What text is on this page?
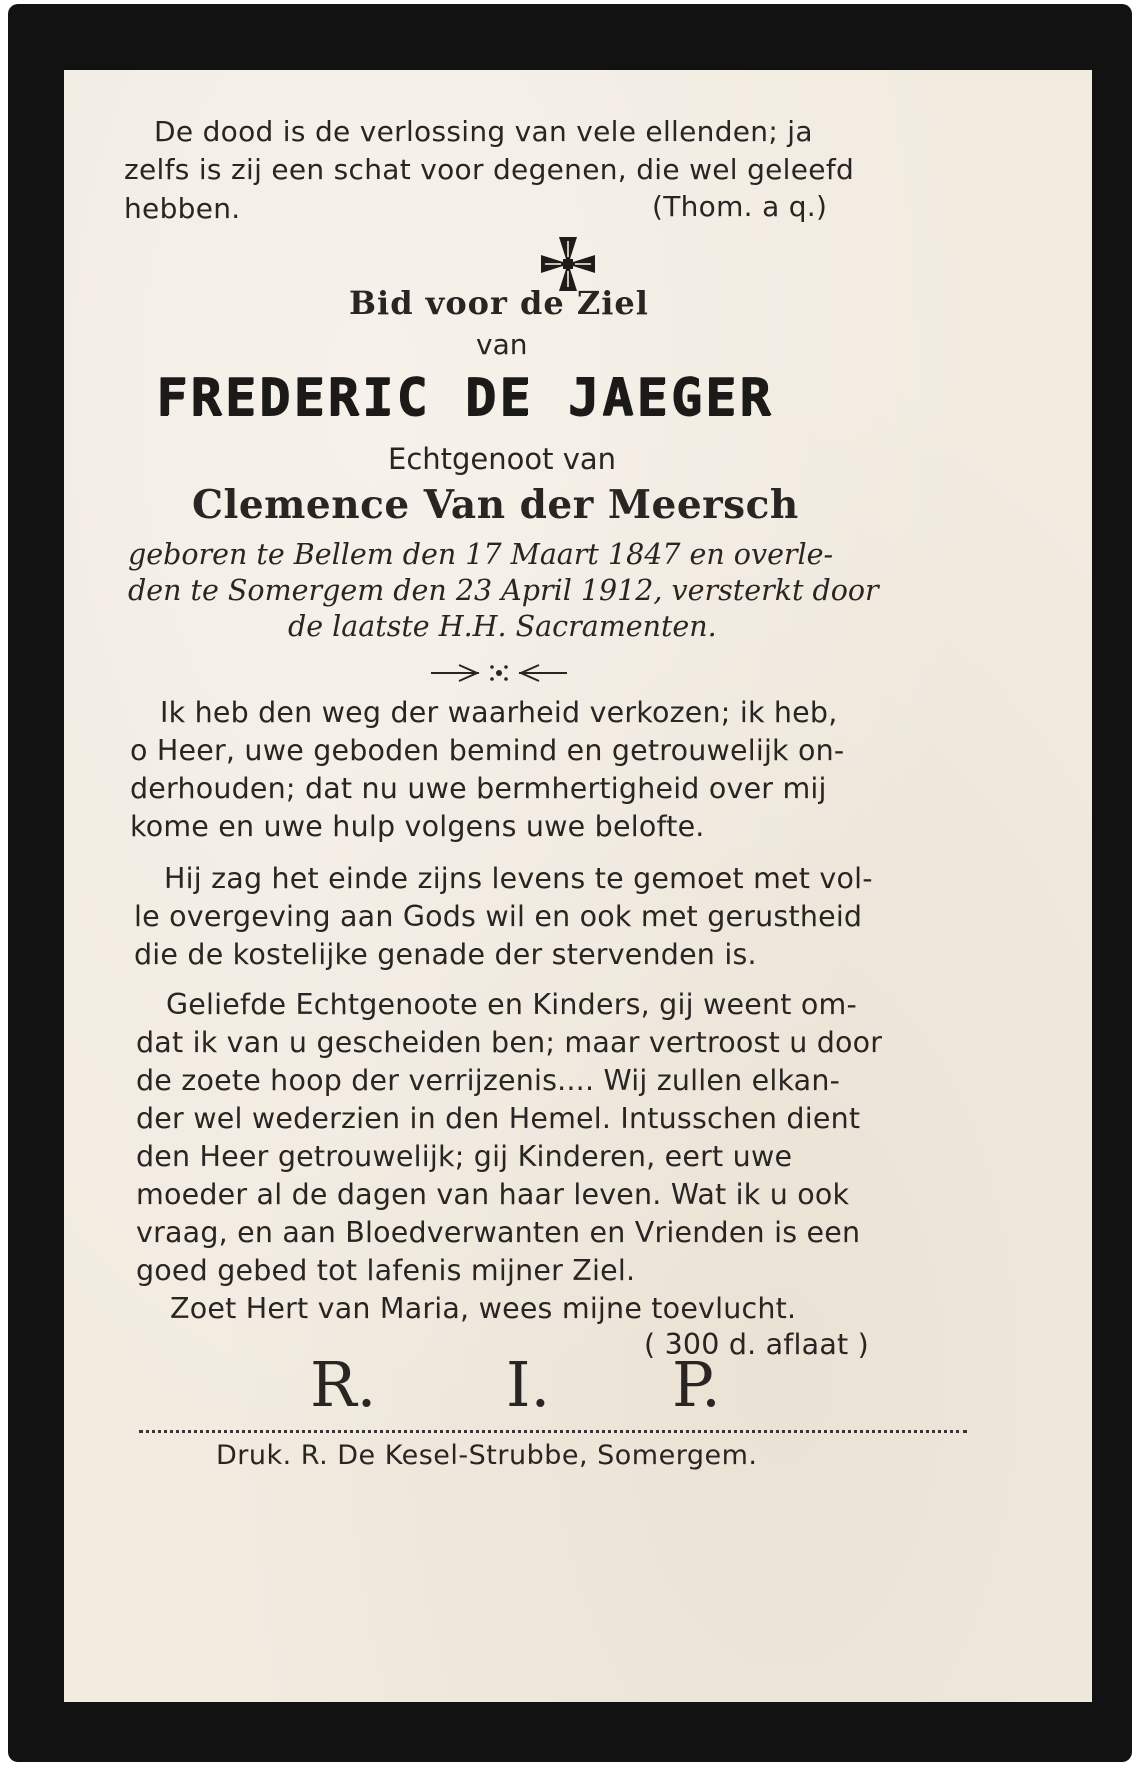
De dood is de verlossing van vele ellenden; ja
zelfs is zij een schat voor degenen, die wel geleefd
hebben.	(Thom. a q.)
Bid voor de Ziel
van
FREDERIC DE JAEGER
Echtgenoot van
Clemence Van der Meersch
geboren te Bellem den 17 Maart 1847 en overle-
den te Somergem den 23 April 1912, versterkt door
de laatste H.H. Sacramenten.
Ik heb den weg der waarheid verkozen; ik heb,
o Heer, uwe geboden bemind en getrouwelijk on-
derhouden; dat nu uwe bermhertigheid over mij
kome en uwe hulp volgens uwe belofte.
Hij zag het einde zijns levens te gemoet met vol-
le overgeving aan Gods wil en ook met gerustheid
die de kostelijke genade der stervenden is.
Geliefde Echtgenoote en Kinders, gij weent om-
dat ik van u gescheiden ben; maar vertroost u door
de zoete hoop der verrijzenis.... Wij zullen elkan-
der wel wederzien in den Hemel. Intusschen dient
den Heer getrouwelijk; gij Kinderen, eert uwe
moeder al de dagen van haar leven. Wat ik u ook
vraag, en aan Bloedverwanten en Vrienden is een
goed gebed tot lafenis mijner Ziel.
Zoet Hert van Maria, wees mijne toevlucht.
( 300 d. aflaat )
R. I. P.
Druk. R. De Kesel-Strubbe, Somergem.
